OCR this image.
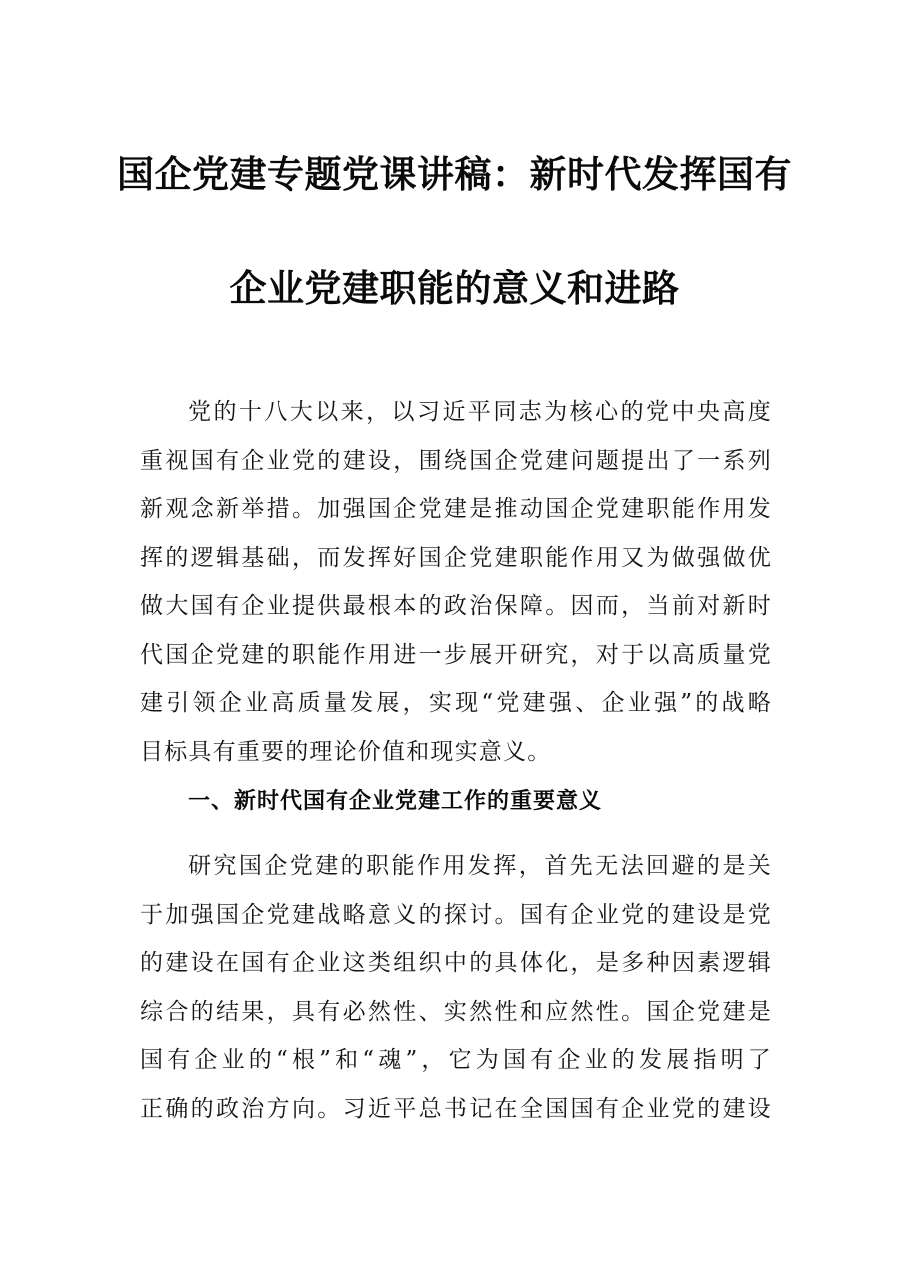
国企党建专题党课讲稿：新时代发挥国有
企业党建职能的意义和进路
党的十八大以来，以习近平同志为核心的党中央高度
重视国有企业党的建设，围绕国企党建问题提出了一系列
新观念新举措。加强国企党建是推动国企党建职能作用发
挥的逻辑基础，而发挥好国企党建职能作用又为做强做优
做大国有企业提供最根本的政治保障。因而，当前对新时
代国企党建的职能作用进一步展开研究，对于以高质量党
建引领企业高质量发展，实现“党建强、企业强”的战略
目标具有重要的理论价值和现实意义。
一、新时代国有企业党建工作的重要意义
研究国企党建的职能作用发挥，首先无法回避的是关
于加强国企党建战略意义的探讨。国有企业党的建设是党
的建设在国有企业这类组织中的具体化，是多种因素逻辑
综合的结果，具有必然性、实然性和应然性。国企党建是
国有企业的“根”和“魂”，它为国有企业的发展指明了
正确的政治方向。习近平总书记在全国国有企业党的建设
